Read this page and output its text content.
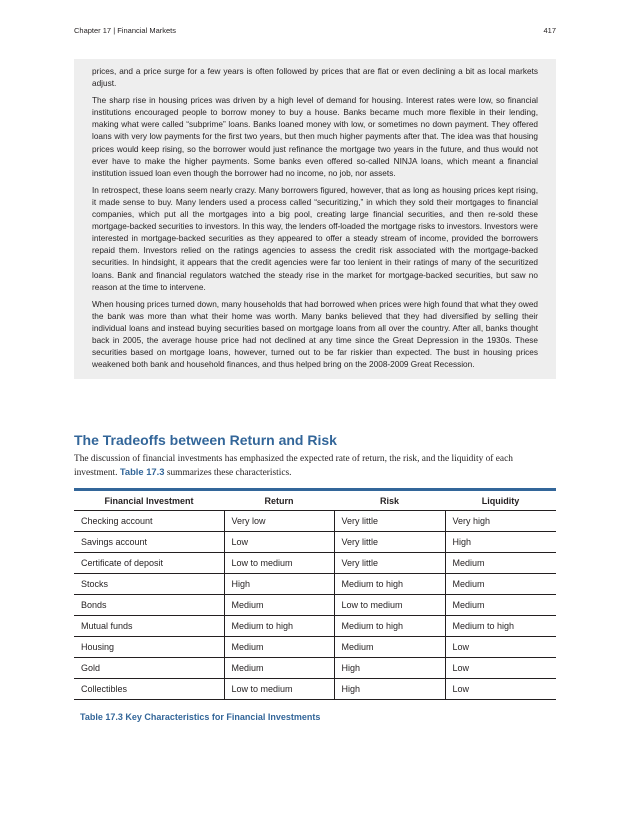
Chapter 17 | Financial Markets	417

prices, and a price surge for a few years is often followed by prices that are flat or even declining a bit as local markets adjust.

The sharp rise in housing prices was driven by a high level of demand for housing. Interest rates were low, so financial institutions encouraged people to borrow money to buy a house. Banks became much more flexible in their lending, making what were called “subprime” loans. Banks loaned money with low, or sometimes no down payment. They offered loans with very low payments for the first two years, but then much higher payments after that. The idea was that housing prices would keep rising, so the borrower would just refinance the mortgage two years in the future, and thus would not ever have to make the higher payments. Some banks even offered so-called NINJA loans, which meant a financial institution issued loan even though the borrower had no income, no job, nor assets.

In retrospect, these loans seem nearly crazy. Many borrowers figured, however, that as long as housing prices kept rising, it made sense to buy. Many lenders used a process called “securitizing,” in which they sold their mortgages to financial companies, which put all the mortgages into a big pool, creating large financial securities, and then re-sold these mortgage-backed securities to investors. In this way, the lenders off-loaded the mortgage risks to investors. Investors were interested in mortgage-backed securities as they appeared to offer a steady stream of income, provided the borrowers repaid them. Investors relied on the ratings agencies to assess the credit risk associated with the mortgage-backed securities. In hindsight, it appears that the credit agencies were far too lenient in their ratings of many of the securitized loans. Bank and financial regulators watched the steady rise in the market for mortgage-backed securities, but saw no reason at the time to intervene.

When housing prices turned down, many households that had borrowed when prices were high found that what they owed the bank was more than what their home was worth. Many banks believed that they had diversified by selling their individual loans and instead buying securities based on mortgage loans from all over the country. After all, banks thought back in 2005, the average house price had not declined at any time since the Great Depression in the 1930s. These securities based on mortgage loans, however, turned out to be far riskier than expected. The bust in housing prices weakened both bank and household finances, and thus helped bring on the 2008-2009 Great Recession.

The Tradeoffs between Return and Risk

The discussion of financial investments has emphasized the expected rate of return, the risk, and the liquidity of each investment. Table 17.3 summarizes these characteristics.

Financial Investment	Return	Risk	Liquidity
Checking account	Very low	Very little	Very high
Savings account	Low	Very little	High
Certificate of deposit	Low to medium	Very little	Medium
Stocks	High	Medium to high	Medium
Bonds	Medium	Low to medium	Medium
Mutual funds	Medium to high	Medium to high	Medium to high
Housing	Medium	Medium	Low
Gold	Medium	High	Low
Collectibles	Low to medium	High	Low

Table 17.3 Key Characteristics for Financial Investments
